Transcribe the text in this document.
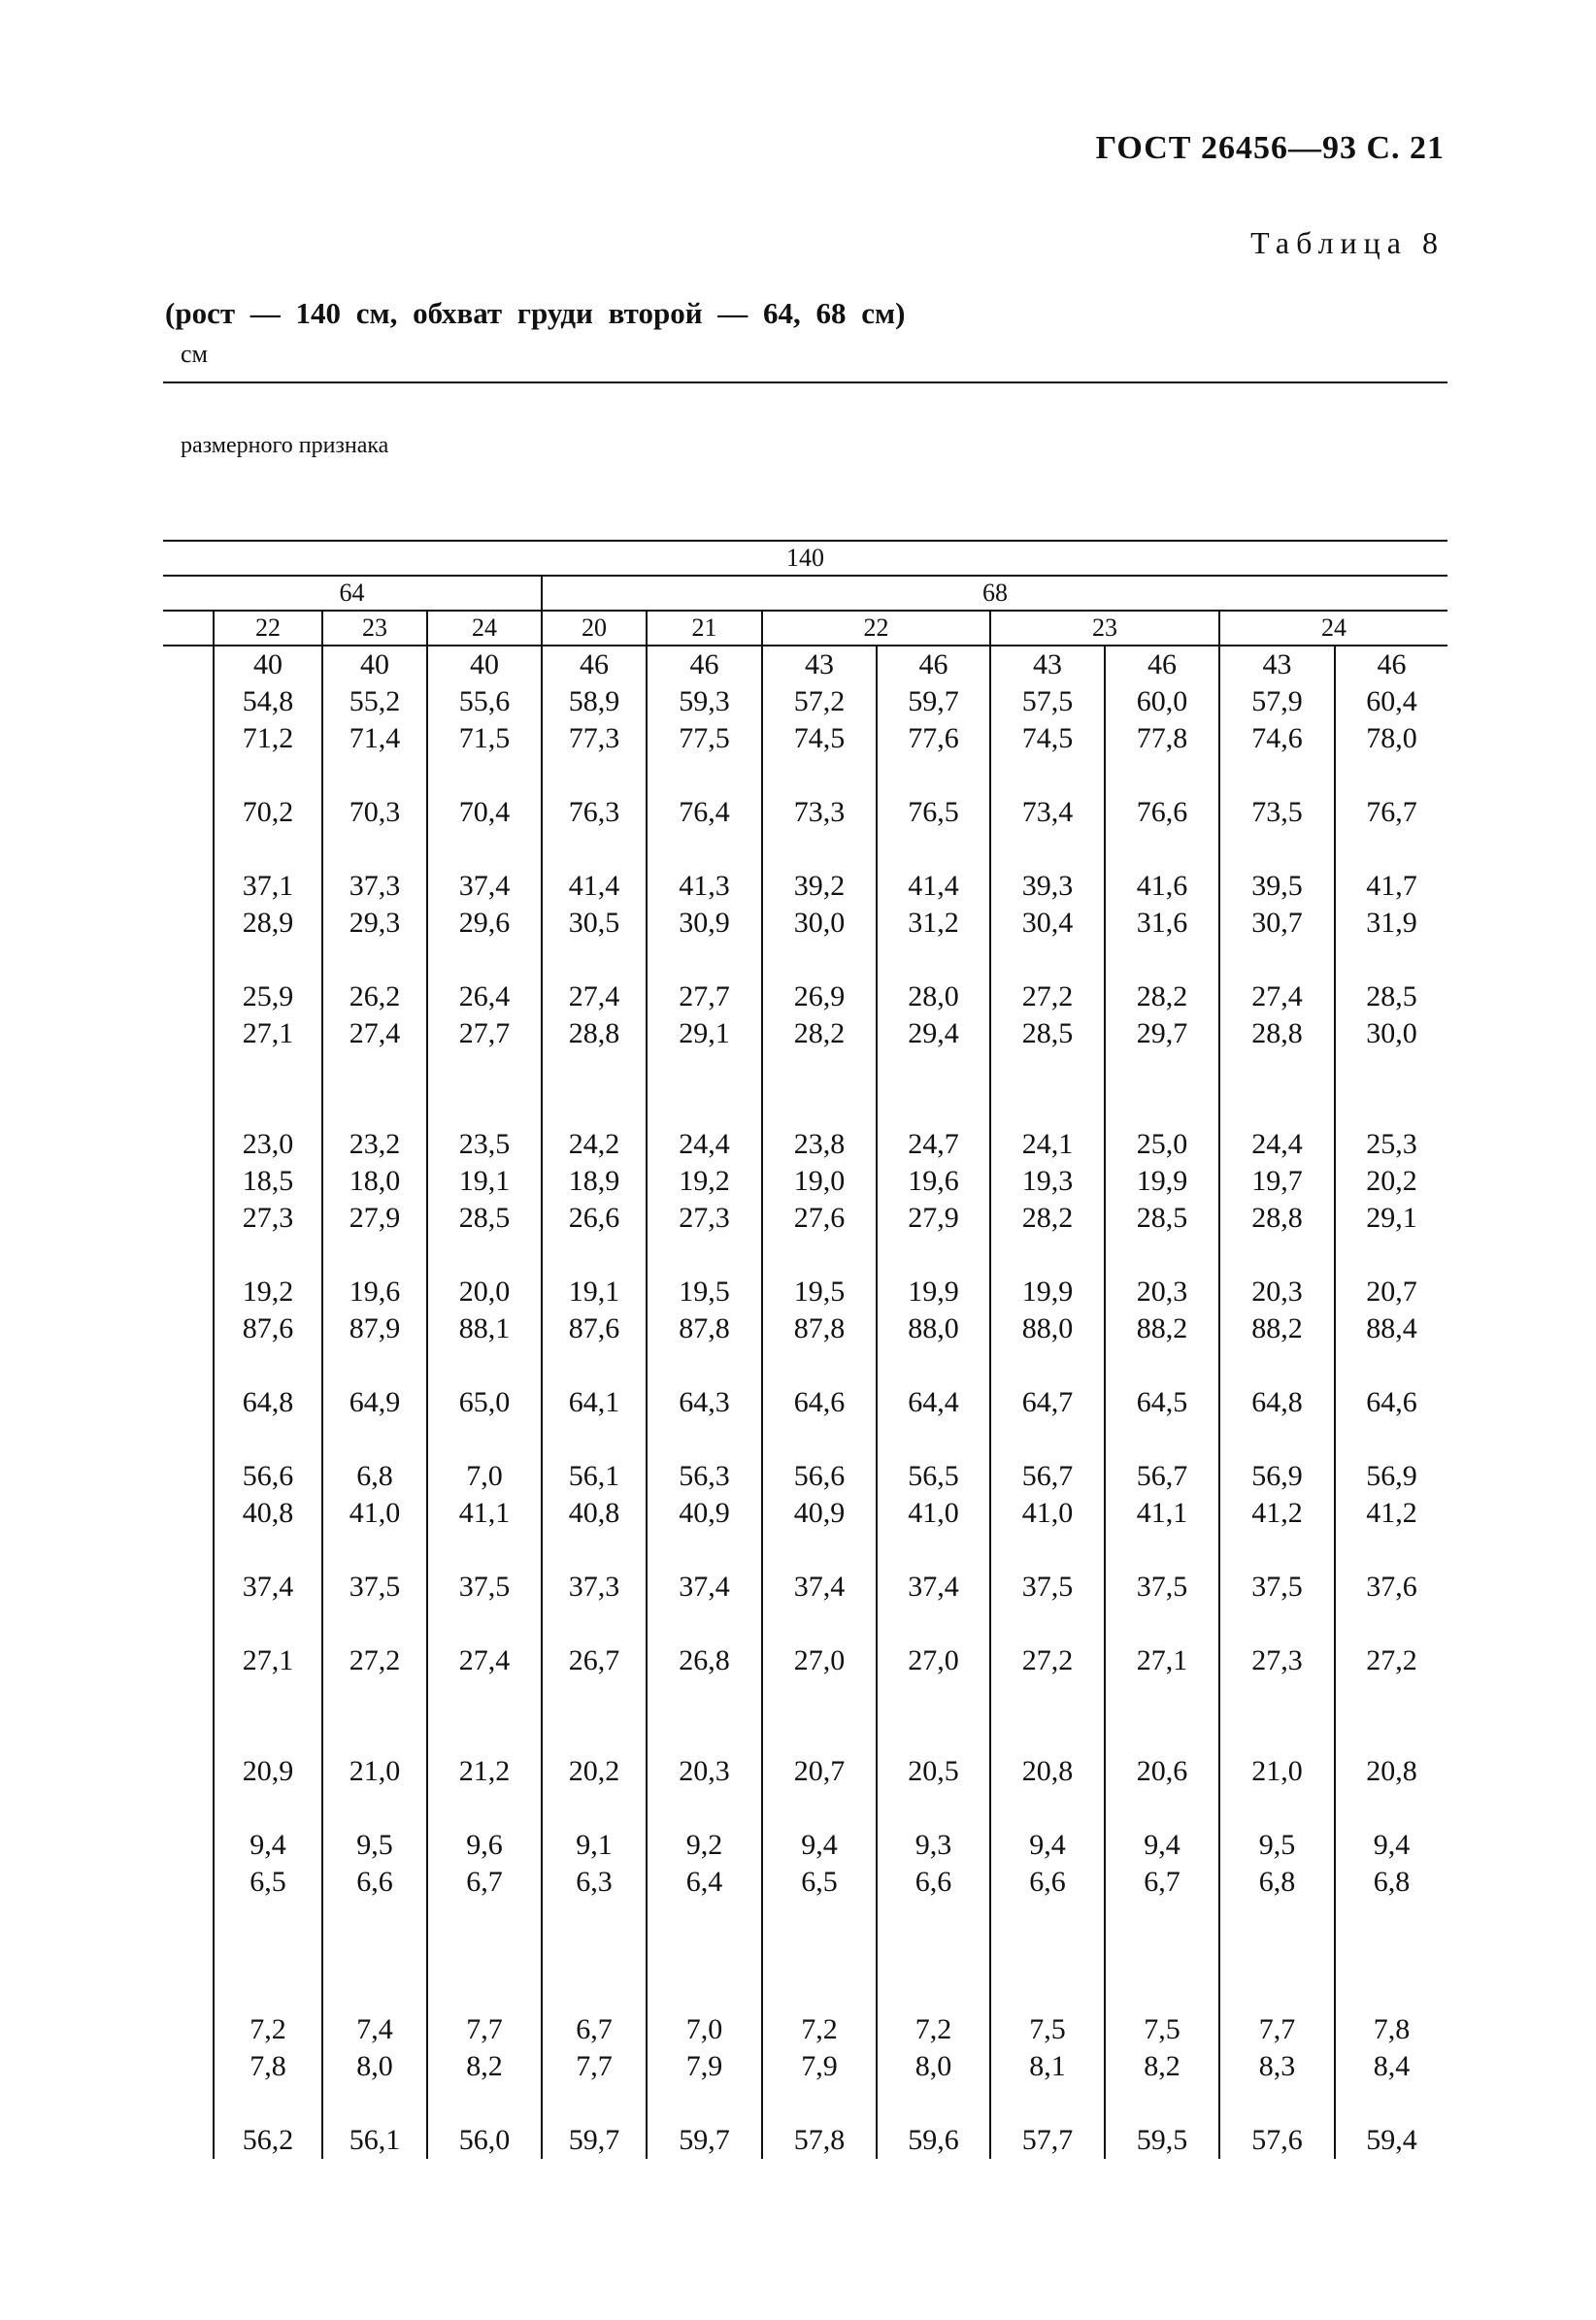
ГОСТ 26456—93 С. 21
Таблица 8
(рост — 140 см, обхват груди второй — 64, 68 см)
см
размерного признака
140											
64				68							
	22	23	24	20	21	22		23		24	
	40	40	40	46	46	43	46	43	46	43	46
	54,8	55,2	55,6	58,9	59,3	57,2	59,7	57,5	60,0	57,9	60,4
	71,2	71,4	71,5	77,3	77,5	74,5	77,6	74,5	77,8	74,6	78,0

	70,2	70,3	70,4	76,3	76,4	73,3	76,5	73,4	76,6	73,5	76,7

	37,1	37,3	37,4	41,4	41,3	39,2	41,4	39,3	41,6	39,5	41,7
	28,9	29,3	29,6	30,5	30,9	30,0	31,2	30,4	31,6	30,7	31,9

	25,9	26,2	26,4	27,4	27,7	26,9	28,0	27,2	28,2	27,4	28,5
	27,1	27,4	27,7	28,8	29,1	28,2	29,4	28,5	29,7	28,8	30,0

	23,0	23,2	23,5	24,2	24,4	23,8	24,7	24,1	25,0	24,4	25,3
	18,5	18,0	19,1	18,9	19,2	19,0	19,6	19,3	19,9	19,7	20,2
	27,3	27,9	28,5	26,6	27,3	27,6	27,9	28,2	28,5	28,8	29,1

	19,2	19,6	20,0	19,1	19,5	19,5	19,9	19,9	20,3	20,3	20,7
	87,6	87,9	88,1	87,6	87,8	87,8	88,0	88,0	88,2	88,2	88,4

	64,8	64,9	65,0	64,1	64,3	64,6	64,4	64,7	64,5	64,8	64,6

	56,6	6,8	7,0	56,1	56,3	56,6	56,5	56,7	56,7	56,9	56,9
	40,8	41,0	41,1	40,8	40,9	40,9	41,0	41,0	41,1	41,2	41,2

	37,4	37,5	37,5	37,3	37,4	37,4	37,4	37,5	37,5	37,5	37,6

	27,1	27,2	27,4	26,7	26,8	27,0	27,0	27,2	27,1	27,3	27,2

	20,9	21,0	21,2	20,2	20,3	20,7	20,5	20,8	20,6	21,0	20,8

	9,4	9,5	9,6	9,1	9,2	9,4	9,3	9,4	9,4	9,5	9,4
	6,5	6,6	6,7	6,3	6,4	6,5	6,6	6,6	6,7	6,8	6,8

	7,2	7,4	7,7	6,7	7,0	7,2	7,2	7,5	7,5	7,7	7,8
	7,8	8,0	8,2	7,7	7,9	7,9	8,0	8,1	8,2	8,3	8,4

	56,2	56,1	56,0	59,7	59,7	57,8	59,6	57,7	59,5	57,6	59,4
